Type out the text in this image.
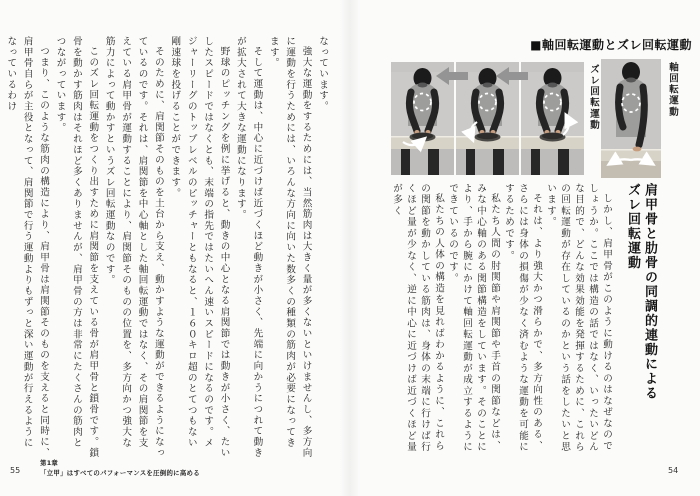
なっています。

強大な運動をするためには、当然筋肉は大きく量が多くないといけませんし、多方向に運動を行うためには、いろんな方向に向いた数多くの種類の筋肉が必要になってきます。

そして運動は、中心に近づけば近づくほど動きが小さく、先端に向かうにつれて動きが拡大されて大きな運動になります。

野球のピッチングを例に挙げると、動きの中心となる肩関節では動きが小さく、たいしたスピードではなくとも、末端の指先ではたいへん速いスピードになるのです。メジャーリーグのトップレベルのピッチャーともなると、１６０キロ超のとてつもない剛速球を投げることができます。

そのために、肩関節そのものを土台から支え、動かすような運動ができるようになっているのです。それは、肩関節を中心軸とした軸回転運動ではなく、その肩関節を支えている肩甲骨が運動することにより、肩関節そのものの位置を、多方向かつ強大な筋力によって動かすというズレ回転運動なのです。

このズレ回転運動をつくり出すために肩関節を支えている骨が肩甲骨と鎖骨です。鎖骨を動かす筋肉はそれほど多くありませんが、肩甲骨の方は非常にたくさんの筋肉とつながっています。

つまり、このような筋肉の構造により、肩甲骨は肩関節そのものを支えると同時に、肩甲骨自らが主役となって、肩関節で行う運動よりもずっと深い運動が行えるようになっているわけ

55
第1章
「立甲」はすべてのパフォーマンスを圧倒的に高める
■軸回転運動とズレ回転運動
ズレ回転運動	軸回転運動
肩甲骨と肋骨の同調的連動による
ズレ回転運動

しかし、肩甲骨がこのように動けるのはなぜなのでしょうか。ここでは構造の話ではなく、いったいどんな目的で、どんな効果効能を発揮するために、これらの回転運動が存在しているのかという話をしたいと思います。

それは、より強大かつ滑らかで、多方向性のある、さらには身体の損傷が少なく済むような運動を可能にするためです。

私たち人間の肘関節や肩関節や手首の関節などは、みな中心軸のある関節構造をしています。そのことにより、手から腕にかけて軸回転運動が成立するようにできているのです。

私たちの人体の構造を見ればわかるように、これらの関節を動かしている筋肉は、身体の末端に行けば行くほど量が少なく、逆に中心に近づけば近づくほど量が多く

54
